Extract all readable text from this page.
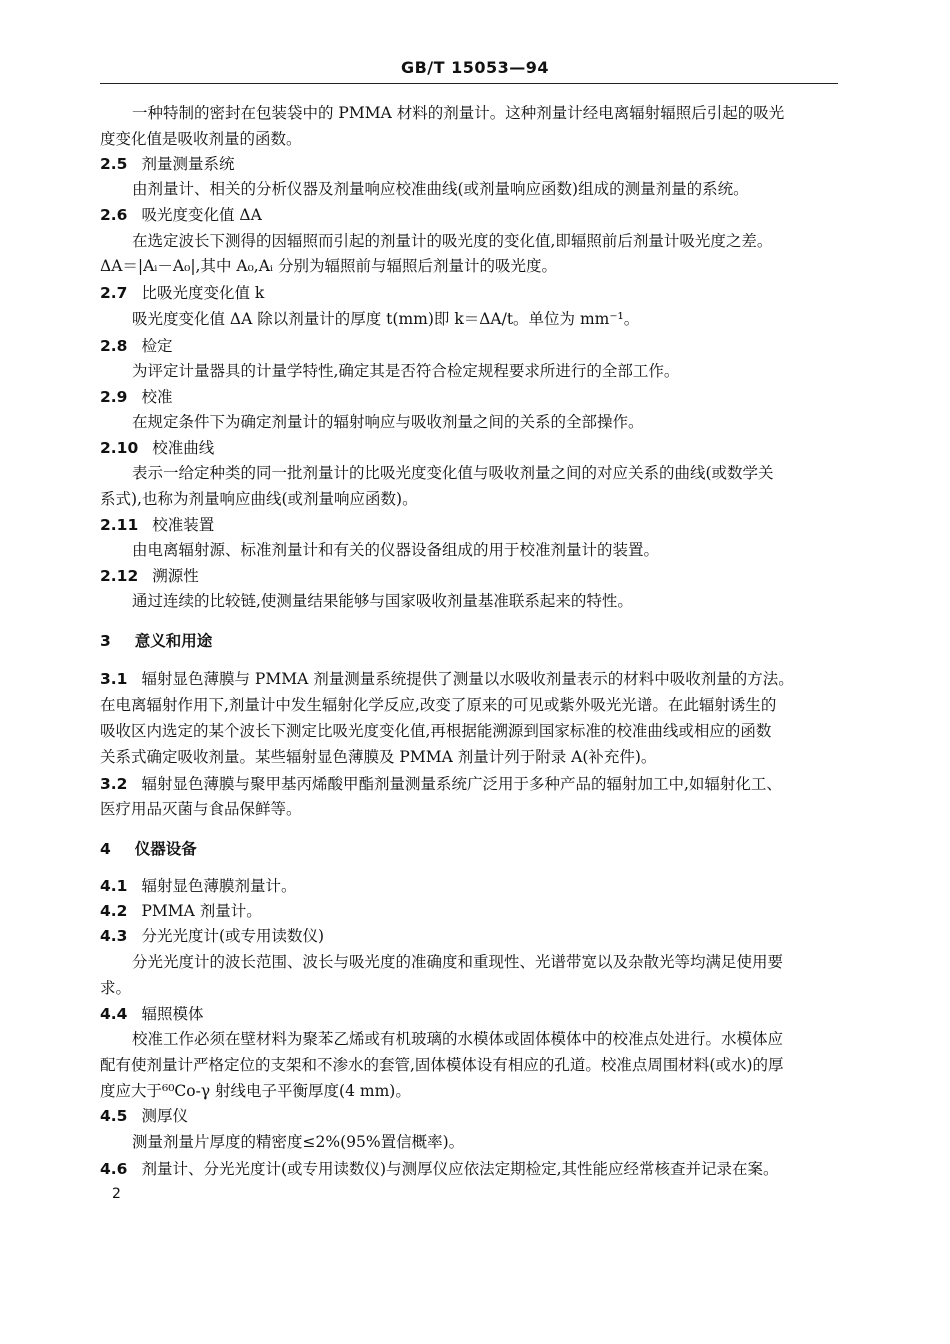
GB/T 15053—94
一种特制的密封在包装袋中的 PMMA 材料的剂量计。这种剂量计经电离辐射辐照后引起的吸光
度变化值是吸收剂量的函数。
2.5 剂量测量系统
由剂量计、相关的分析仪器及剂量响应校准曲线(或剂量响应函数)组成的测量剂量的系统。
2.6 吸光度变化值 ΔA
在选定波长下测得的因辐照而引起的剂量计的吸光度的变化值,即辐照前后剂量计吸光度之差。
ΔA＝|Aᵢ－A₀|,其中 A₀,Aᵢ 分别为辐照前与辐照后剂量计的吸光度。
2.7 比吸光度变化值 k
吸光度变化值 ΔA 除以剂量计的厚度 t(mm)即 k＝ΔA/t。单位为 mm⁻¹。
2.8 检定
为评定计量器具的计量学特性,确定其是否符合检定规程要求所进行的全部工作。
2.9 校准
在规定条件下为确定剂量计的辐射响应与吸收剂量之间的关系的全部操作。
2.10 校准曲线
表示一给定种类的同一批剂量计的比吸光度变化值与吸收剂量之间的对应关系的曲线(或数学关
系式),也称为剂量响应曲线(或剂量响应函数)。
2.11 校准装置
由电离辐射源、标准剂量计和有关的仪器设备组成的用于校准剂量计的装置。
2.12 溯源性
通过连续的比较链,使测量结果能够与国家吸收剂量基准联系起来的特性。
3 意义和用途
3.1 辐射显色薄膜与 PMMA 剂量测量系统提供了测量以水吸收剂量表示的材料中吸收剂量的方法。
在电离辐射作用下,剂量计中发生辐射化学反应,改变了原来的可见或紫外吸光光谱。在此辐射诱生的
吸收区内选定的某个波长下测定比吸光度变化值,再根据能溯源到国家标准的校准曲线或相应的函数
关系式确定吸收剂量。某些辐射显色薄膜及 PMMA 剂量计列于附录 A(补充件)。
3.2 辐射显色薄膜与聚甲基丙烯酸甲酯剂量测量系统广泛用于多种产品的辐射加工中,如辐射化工、
医疗用品灭菌与食品保鲜等。
4 仪器设备
4.1 辐射显色薄膜剂量计。
4.2 PMMA 剂量计。
4.3 分光光度计(或专用读数仪)
分光光度计的波长范围、波长与吸光度的准确度和重现性、光谱带宽以及杂散光等均满足使用要
求。
4.4 辐照模体
校准工作必须在壁材料为聚苯乙烯或有机玻璃的水模体或固体模体中的校准点处进行。水模体应
配有使剂量计严格定位的支架和不渗水的套管,固体模体设有相应的孔道。校准点周围材料(或水)的厚
度应大于⁶⁰Co-γ 射线电子平衡厚度(4 mm)。
4.5 测厚仪
测量剂量片厚度的精密度≤2%(95%置信概率)。
4.6 剂量计、分光光度计(或专用读数仪)与测厚仪应依法定期检定,其性能应经常核查并记录在案。
2
